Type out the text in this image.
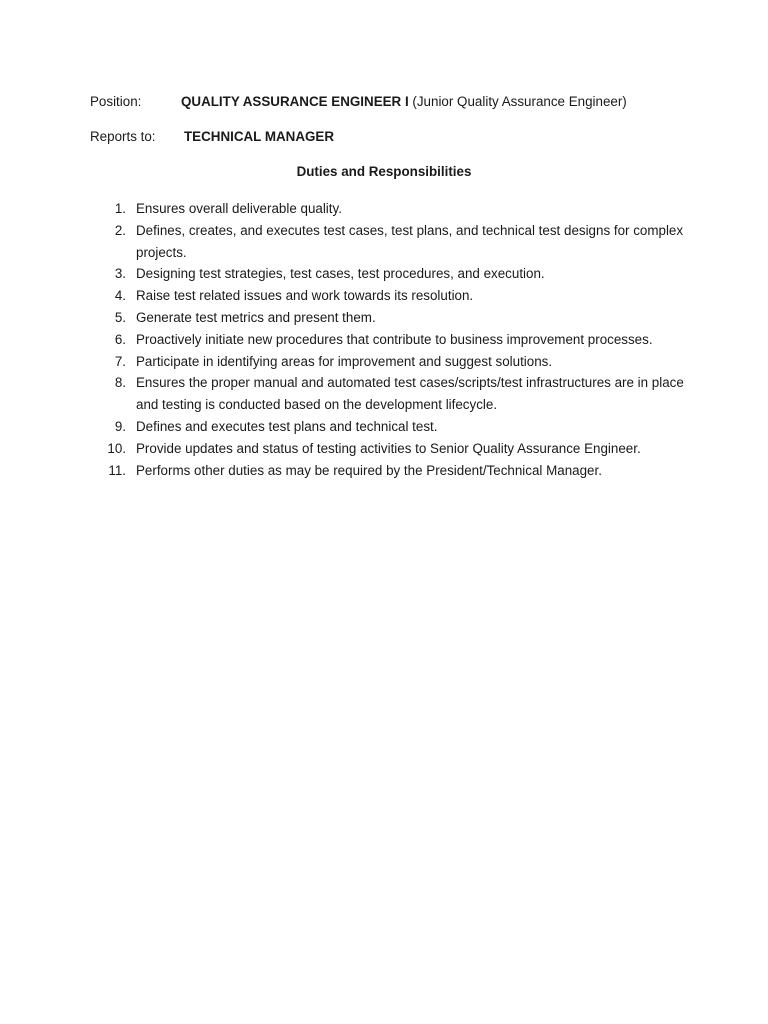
Position:	QUALITY ASSURANCE ENGINEER I (Junior Quality Assurance Engineer)
Reports to: TECHNICAL MANAGER
Duties and Responsibilities
1. Ensures overall deliverable quality.
2. Defines, creates, and executes test cases, test plans, and technical test designs for complex projects.
3. Designing test strategies, test cases, test procedures, and execution.
4. Raise test related issues and work towards its resolution.
5. Generate test metrics and present them.
6. Proactively initiate new procedures that contribute to business improvement processes.
7. Participate in identifying areas for improvement and suggest solutions.
8. Ensures the proper manual and automated test cases/scripts/test infrastructures are in place and testing is conducted based on the development lifecycle.
9. Defines and executes test plans and technical test.
10. Provide updates and status of testing activities to Senior Quality Assurance Engineer.
11. Performs other duties as may be required by the President/Technical Manager.
